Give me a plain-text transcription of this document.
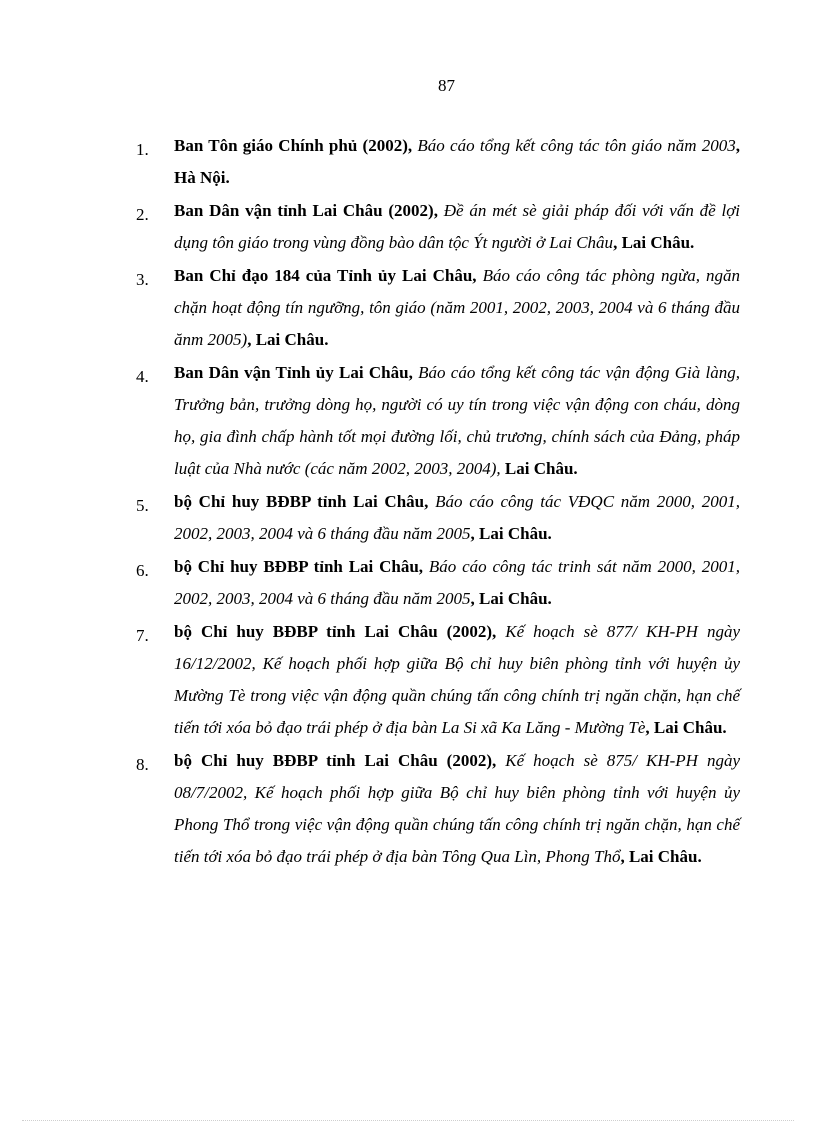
87
1.	Ban Tôn giáo Chính phủ (2002), Báo cáo tổng kết công tác tôn giáo năm 2003, Hà Nội.
2.	Ban Dân vận tỉnh Lai Châu (2002), Đề án mét sè giải pháp đối với vấn đề lợi dụng tôn giáo trong vùng đồng bào dân tộc Ýt người ở Lai Châu, Lai Châu.
3.	Ban Chỉ đạo 184 của Tỉnh ủy Lai Châu, Báo cáo công tác phòng ngừa, ngăn chặn hoạt động tín ngưỡng, tôn giáo (năm 2001, 2002, 2003, 2004 và 6 tháng đầu ănm 2005), Lai Châu.
4.	Ban Dân vận Tỉnh ủy Lai Châu, Báo cáo tổng kết công tác vận động Già làng, Trưởng bản, trưởng dòng họ, người có uy tín trong việc vận động con cháu, dòng họ, gia đình chấp hành tốt mọi đường lối, chủ trương, chính sách của Đảng, pháp luật của Nhà nước (các năm 2002, 2003, 2004), Lai Châu.
5.	bộ Chỉ huy BĐBP tỉnh Lai Châu, Báo cáo công tác VĐQC năm 2000, 2001, 2002, 2003, 2004 và 6 tháng đầu năm 2005, Lai Châu.
6.	bộ Chỉ huy BĐBP tỉnh Lai Châu, Báo cáo công tác trinh sát năm 2000, 2001, 2002, 2003, 2004 và 6 tháng đầu năm 2005, Lai Châu.
7.	bộ Chỉ huy BĐBP tỉnh Lai Châu (2002), Kế hoạch sè 877/ KH-PH ngày 16/12/2002, Kế hoạch phối hợp giữa Bộ chỉ huy biên phòng tỉnh với huyện ủy Mường Tè trong việc vận động quần chúng tấn công chính trị ngăn chặn, hạn chế tiến tới xóa bỏ đạo trái phép ở địa bàn La Si xã Ka Lăng - Mường Tè, Lai Châu.
8.	bộ Chỉ huy BĐBP tỉnh Lai Châu (2002), Kế hoạch sè 875/ KH-PH ngày 08/7/2002, Kế hoạch phối hợp giữa Bộ chỉ huy biên phòng tỉnh với huyện ủy Phong Thổ trong việc vận động quần chúng tấn công chính trị ngăn chặn, hạn chế tiến tới xóa bỏ đạo trái phép ở địa bàn Tông Qua Lìn, Phong Thổ, Lai Châu.
